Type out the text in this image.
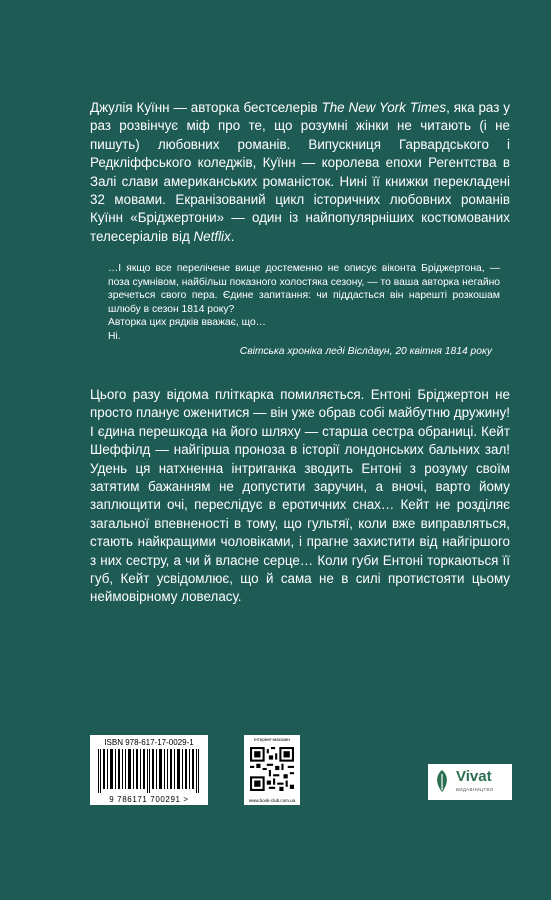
Джулія Куїнн — авторка бестселерів The New York Times, яка раз у раз розвінчує міф про те, що розумні жінки не читають (і не пишуть) любовних романів. Випускниця Гарвардського і Редкліффського коледжів, Куїнн — королева епохи Регентства в Залі слави американських романісток. Нині її книжки перекладені 32 мовами. Екранізований цикл історичних любовних романів Куїнн «Бріджертони» — один із найпопулярніших костюмованих телесеріалів від Netflix.

…І якщо все перелічене вище достеменно не описує віконта Бріджертона, — поза сумнівом, найбільш показного холостяка сезону, — то ваша авторка негайно зречеться свого пера. Єдине запитання: чи піддасться він нарешті розкошам шлюбу в сезон 1814 року?

Авторка цих рядків вважає, що…

Ні.

Світська хроніка леді Віслдаун, 20 квітня 1814 року

Цього разу відома пліткарка помиляється. Ентоні Бріджертон не просто планує оженитися — він уже обрав собі майбутню дружину! І єдина перешкода на його шляху — старша сестра обраниці. Кейт Шеффілд — найгірша проноза в історії лондонських бальних зал! Удень ця натхненна інтриганка зводить Ентоні з розуму своїм затятим бажанням не допустити заручин, а вночі, варто йому заплющити очі, переслідує в еротичних снах… Кейт не розділяє загальної впевненості в тому, що гультяї, коли вже виправляться, стають найкращими чоловіками, і прагне захистити від найгіршого з них сестру, а чи й власне серце… Коли губи Ентоні торкаються її губ, Кейт усвідомлює, що й сама не в силі протистояти цьому неймовірному ловеласу.

ISBN 978-617-17-0029-1
9 786171 700291 >
Інтернет-магазин
www.book-club.com.ua
Vivat
ВИДАВНИЦТВО
